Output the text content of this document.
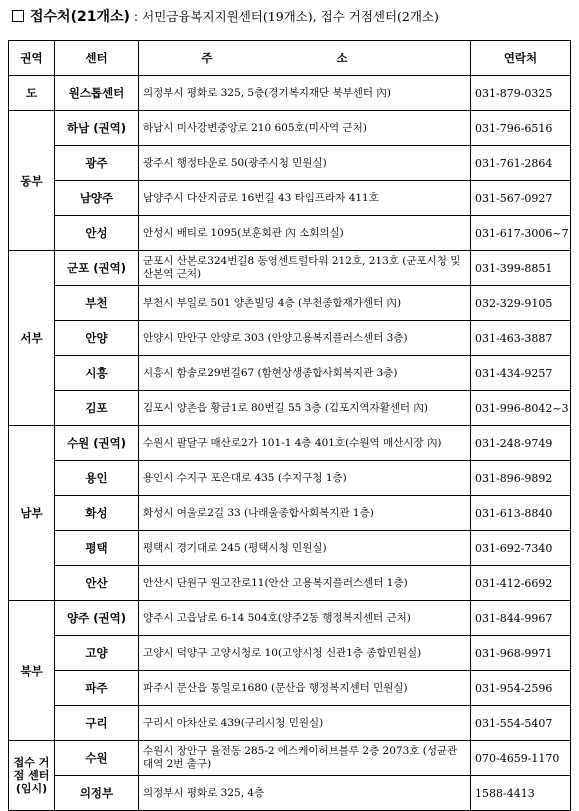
접수처(21개소) : 서민금융복지지원센터(19개소), 접수 거점센터(2개소)
권역	센터	주 소	연락처
도	원스톱센터	의정부시 평화로 325, 5층(경기복지재단 북부센터 內)	031-879-0325
동부	하남 (권역)	하남시 미사강변중앙로 210 605호(미사역 근처)	031-796-6516
	광주	광주시 행정타운로 50(광주시청 민원실)	031-761-2864
	남양주	남양주시 다산지금로 16번길 43 타임프라자 411호	031-567-0927
	안성	안성시 배티로 1095(보훈회관 內 소회의실)	031-617-3006~7
서부	군포 (권역)	군포시 산본로324번길8 동영센트럴타워 212호, 213호 (군포시청 및 산본역 근처)	031-399-8851
	부천	부천시 부일로 501 양촌빌딩 4층 (부천종합재가센터 內)	032-329-9105
	안양	안양시 만안구 안양로 303 (안양고용복지플러스센터 3층)	031-463-3887
	시흥	시흥시 함송로29번길67 (함현상생종합사회복지관 3층)	031-434-9257
	김포	김포시 양촌읍 황금1로 80번길 55 3층 (김포지역자활센터 內)	031-996-8042~3
남부	수원 (권역)	수원시 팔달구 매산로2가 101-1 4층 401호(수원역 매산시장 內)	031-248-9749
	용인	용인시 수지구 포은대로 435 (수지구청 1층)	031-896-9892
	화성	화성시 여울로2길 33 (나래울종합사회복지관 1층)	031-613-8840
	평택	평택시 경기대로 245 (평택시청 민원실)	031-692-7340
	안산	안산시 단원구 원고잔로11(안산 고용복지플러스센터 1층)	031-412-6692
북부	양주 (권역)	양주시 고읍남로 6-14 504호(양주2동 행정복지센터 근처)	031-844-9967
	고양	고양시 덕양구 고양시청로 10(고양시청 신관1층 종합민원실)	031-968-9971
	파주	파주시 문산읍 통일로1680 (문산읍 행정복지센터 민원실)	031-954-2596
	구리	구리시 아차산로 439(구리시청 민원실)	031-554-5407
접수 거점 센터 (임시)	수원	수원시 장안구 율전동 285-2 에스케이허브블루 2층 2073호 (성균관대역 2번 출구)	070-4659-1170
	의정부	의정부시 평화로 325, 4층	1588-4413
